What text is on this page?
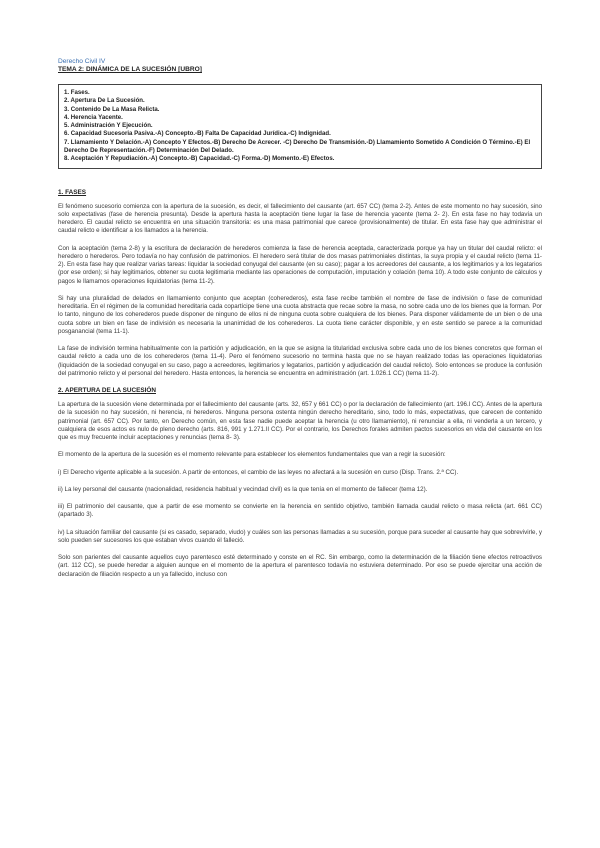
Derecho Civil IV
TEMA 2: DINÁMICA DE LA SUCESIÓN [UBRO]
1. Fases.
2. Apertura De La Sucesión.
3. Contenido De La Masa Relicta.
4. Herencia Yacente.
5. Administración Y Ejecución.
6. Capacidad Sucesoria Pasiva.-A) Concepto.-B) Falta De Capacidad Jurídica.-C) Indignidad.
7. Llamamiento Y Delación.-A) Concepto Y Efectos.-B) Derecho De Acrecer. -C) Derecho De Transmisión.-D) Llamamiento Sometido A Condición O Término.-E) El Derecho De Representación.-F) Determinación Del Delado.
8. Aceptación Y Repudiación.-A) Concepto.-B) Capacidad.-C) Forma.-D) Momento.-E) Efectos.
1. FASES

El fenómeno sucesorio comienza con la apertura de la sucesión, es decir, el fallecimiento del causante (art. 657 CC) (tema 2-2). Antes de este momento no hay sucesión, sino solo expectativas (fase de herencia presunta). Desde la apertura hasta la aceptación tiene lugar la fase de herencia yacente (tema 2- 2). En esta fase no hay todavía un heredero. El caudal relicto se encuentra en una situación transitoria: es una masa patrimonial que carece (provisionalmente) de titular. En esta fase hay que administrar el caudal relicto e identificar a los llamados a la herencia.

Con la aceptación (tema 2-8) y la escritura de declaración de herederos comienza la fase de herencia aceptada, caracterizada porque ya hay un titular del caudal relicto: el heredero o herederos. Pero todavía no hay confusión de patrimonios. El heredero será titular de dos masas patrimoniales distintas, la suya propia y el caudal relicto (tema 11- 2). En esta fase hay que realizar varias tareas: liquidar la sociedad conyugal del causante (en su caso); pagar a los acreedores del causante, a los legitimarios y a los legatarios (por ese orden); si hay legitimarios, obtener su cuota legitimaria mediante las operaciones de computación, imputación y colación (tema 10). A todo este conjunto de cálculos y pagos le llamamos operaciones liquidatorias (tema 11-2).

Si hay una pluralidad de delados en llamamiento conjunto que aceptan (coherederos), esta fase recibe también el nombre de fase de indivisión o fase de comunidad hereditaria. En el régimen de la comunidad hereditaria cada copartícipe tiene una cuota abstracta que recae sobre la masa, no sobre cada uno de los bienes que la forman. Por lo tanto, ninguno de los coherederos puede disponer de ninguno de ellos ni de ninguna cuota sobre cualquiera de los bienes. Para disponer válidamente de un bien o de una cuota sobre un bien en fase de indivisión es necesaria la unanimidad de los coherederos. La cuota tiene carácter disponible, y en este sentido se parece a la comunidad posganancial (tema 11-1).

La fase de indivisión termina habitualmente con la partición y adjudicación, en la que se asigna la titularidad exclusiva sobre cada uno de los bienes concretos que forman el caudal relicto a cada uno de los coherederos (tema 11-4). Pero el fenómeno sucesorio no termina hasta que no se hayan realizado todas las operaciones liquidatorias (liquidación de la sociedad conyugal en su caso, pago a acreedores, legitimarios y legatarios, partición y adjudicación del caudal relicto). Solo entonces se produce la confusión del patrimonio relicto y el personal del heredero. Hasta entonces, la herencia se encuentra en administración (art. 1.026.1 CC) (tema 11-2).

2. APERTURA DE LA SUCESIÓN

La apertura de la sucesión viene determinada por el fallecimiento del causante (arts. 32, 657 y 661 CC) o por la declaración de fallecimiento (art. 196.I CC). Antes de la apertura de la sucesión no hay sucesión, ni herencia, ni herederos. Ninguna persona ostenta ningún derecho hereditario, sino, todo lo más, expectativas, que carecen de contenido patrimonial (art. 657 CC). Por tanto, en Derecho común, en esta fase nadie puede aceptar la herencia (u otro llamamiento), ni renunciar a ella, ni venderla a un tercero, y cualquiera de esos actos es nulo de pleno derecho (arts. 816, 991 y 1.271.II CC). Por el contrario, los Derechos forales admiten pactos sucesorios en vida del causante en los que es muy frecuente incluir aceptaciones y renuncias (tema 8- 3).

El momento de la apertura de la sucesión es el momento relevante para establecer los elementos fundamentales que van a regir la sucesión:

i) El Derecho vigente aplicable a la sucesión. A partir de entonces, el cambio de las leyes no afectará a la sucesión en curso (Disp. Trans. 2.ª CC).

ii) La ley personal del causante (nacionalidad, residencia habitual y vecindad civil) es la que tenía en el momento de fallecer (tema 12).

iii) El patrimonio del causante, que a partir de ese momento se convierte en la herencia en sentido objetivo, también llamada caudal relicto o masa relicta (art. 661 CC) (apartado 3).

iv) La situación familiar del causante (si es casado, separado, viudo) y cuáles son las personas llamadas a su sucesión, porque para suceder al causante hay que sobrevivirle, y solo pueden ser sucesores los que estaban vivos cuando él falleció.

Solo son parientes del causante aquellos cuyo parentesco esté determinado y conste en el RC. Sin embargo, como la determinación de la filiación tiene efectos retroactivos (art. 112 CC), se puede heredar a alguien aunque en el momento de la apertura el parentesco todavía no estuviera determinado. Por eso se puede ejercitar una acción de declaración de filiación respecto a un ya fallecido, incluso con
